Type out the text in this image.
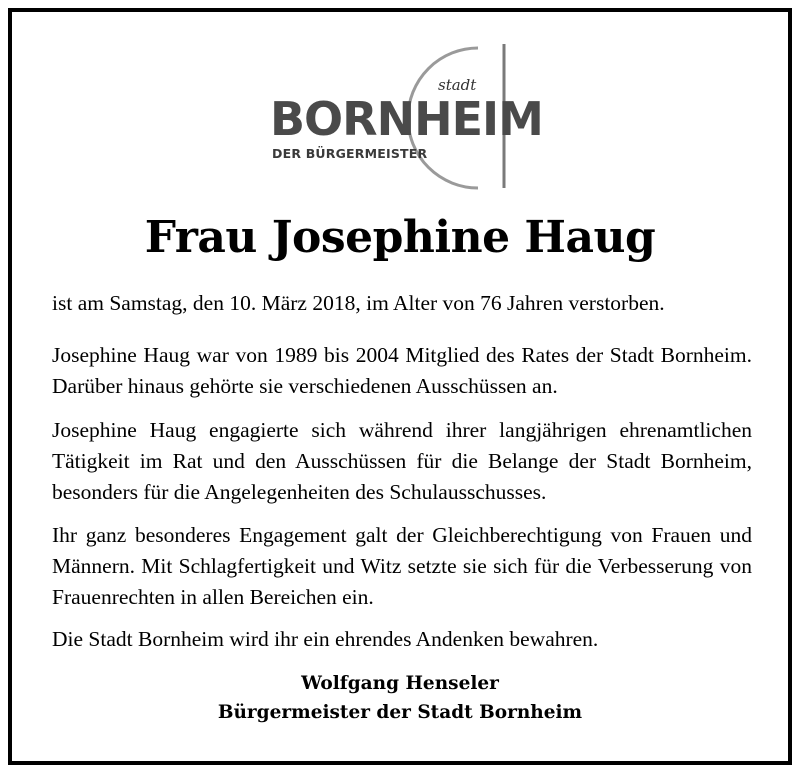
stadt
BORNHEIM
DER BÜRGERMEISTER
Frau Josephine Haug

ist am Samstag, den 10. März 2018, im Alter von 76 Jahren verstorben.

Josephine Haug war von 1989 bis 2004 Mitglied des Rates der Stadt Bornheim. Darüber hinaus gehörte sie verschiedenen Ausschüssen an.

Josephine Haug engagierte sich während ihrer langjährigen ehrenamtlichen Tätigkeit im Rat und den Ausschüssen für die Belange der Stadt Bornheim, besonders für die Angelegenheiten des Schulausschusses.

Ihr ganz besonderes Engagement galt der Gleichberechtigung von Frauen und Männern. Mit Schlagfertigkeit und Witz setzte sie sich für die Verbesserung von Frauenrechten in allen Bereichen ein.

Die Stadt Bornheim wird ihr ein ehrendes Andenken bewahren.

Wolfgang Henseler

Bürgermeister der Stadt Bornheim
